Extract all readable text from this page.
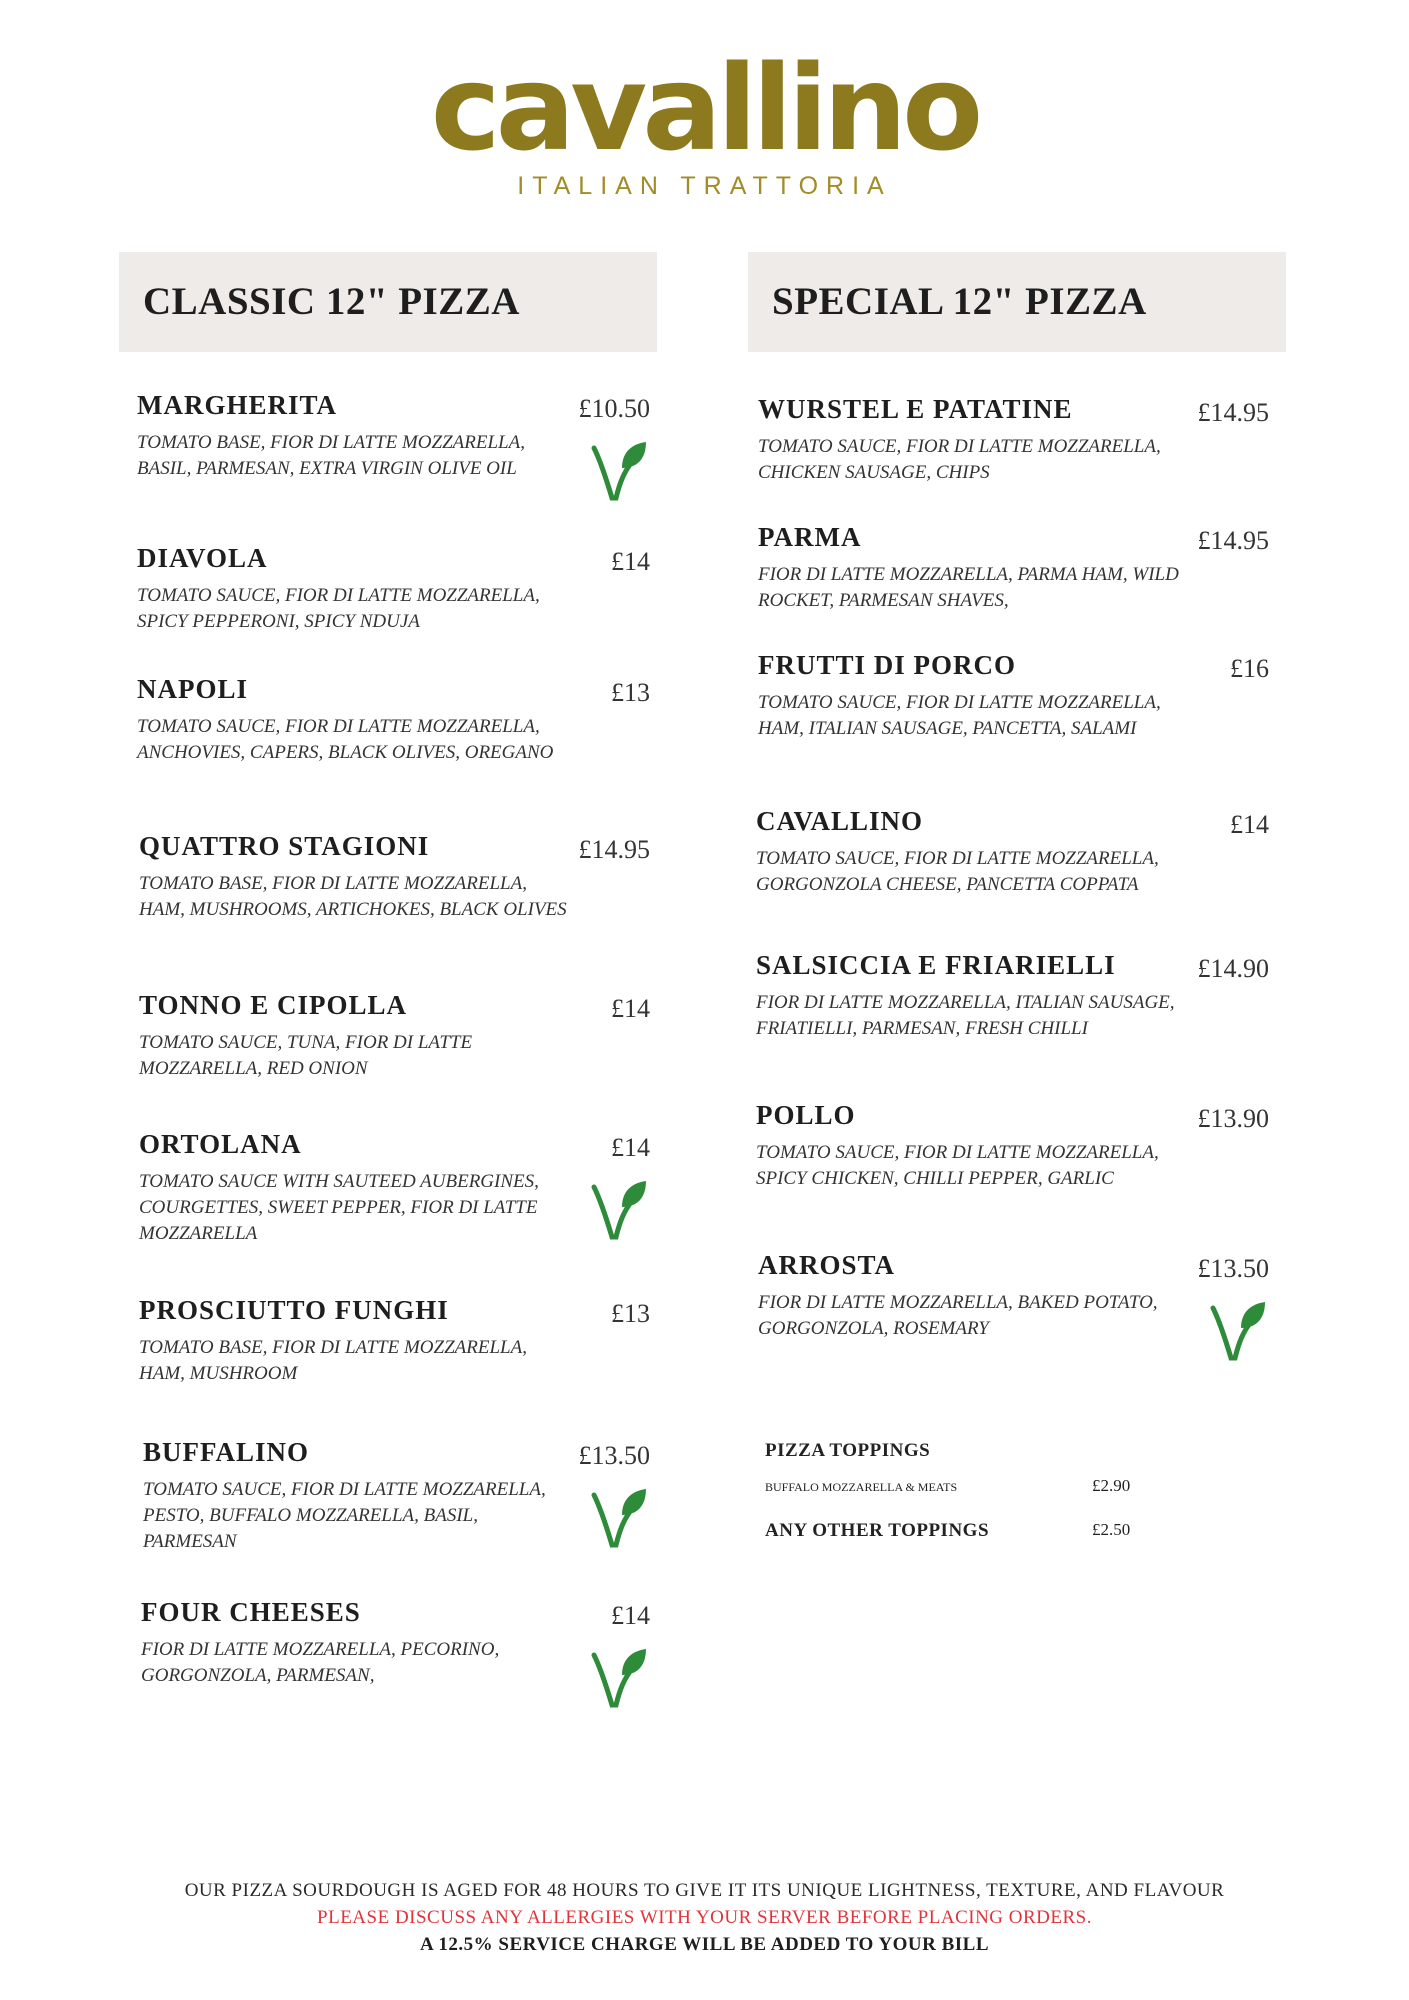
cavallino
ITALIAN TRATTORIA
CLASSIC 12" PIZZA	SPECIAL 12" PIZZA
MARGHERITA
TOMATO BASE, FIOR DI LATTE MOZZARELLA, BASIL, PARMESAN, EXTRA VIRGIN OLIVE OIL
£10.50
DIAVOLA
TOMATO SAUCE, FIOR DI LATTE MOZZARELLA, SPICY PEPPERONI, SPICY NDUJA
£14
NAPOLI
TOMATO SAUCE, FIOR DI LATTE MOZZARELLA, ANCHOVIES, CAPERS, BLACK OLIVES, OREGANO
£13
QUATTRO STAGIONI
TOMATO BASE, FIOR DI LATTE MOZZARELLA, HAM, MUSHROOMS, ARTICHOKES, BLACK OLIVES
£14.95
TONNO E CIPOLLA
TOMATO SAUCE, TUNA, FIOR DI LATTE MOZZARELLA, RED ONION
£14
ORTOLANA
TOMATO SAUCE WITH SAUTEED AUBERGINES, COURGETTES, SWEET PEPPER, FIOR DI LATTE MOZZARELLA
£14
PROSCIUTTO FUNGHI
TOMATO BASE, FIOR DI LATTE MOZZARELLA, HAM, MUSHROOM
£13
BUFFALINO
TOMATO SAUCE, FIOR DI LATTE MOZZARELLA, PESTO, BUFFALO MOZZARELLA, BASIL, PARMESAN
£13.50
FOUR CHEESES
FIOR DI LATTE MOZZARELLA, PECORINO, GORGONZOLA, PARMESAN,
£14
WURSTEL E PATATINE
TOMATO SAUCE, FIOR DI LATTE MOZZARELLA, CHICKEN SAUSAGE, CHIPS
£14.95
PARMA
FIOR DI LATTE MOZZARELLA, PARMA HAM, WILD ROCKET, PARMESAN SHAVES,
£14.95
FRUTTI DI PORCO
TOMATO SAUCE, FIOR DI LATTE MOZZARELLA, HAM, ITALIAN SAUSAGE, PANCETTA, SALAMI
£16
CAVALLINO
TOMATO SAUCE, FIOR DI LATTE MOZZARELLA, GORGONZOLA CHEESE, PANCETTA COPPATA
£14
SALSICCIA E FRIARIELLI
FIOR DI LATTE MOZZARELLA, ITALIAN SAUSAGE, FRIATIELLI, PARMESAN, FRESH CHILLI
£14.90
POLLO
TOMATO SAUCE, FIOR DI LATTE MOZZARELLA, SPICY CHICKEN, CHILLI PEPPER, GARLIC
£13.90
ARROSTA
FIOR DI LATTE MOZZARELLA, BAKED POTATO, GORGONZOLA, ROSEMARY
£13.50
PIZZA TOPPINGS
BUFFALO MOZZARELLA & MEATS	£2.90
ANY OTHER TOPPINGS	£2.50
OUR PIZZA SOURDOUGH IS AGED FOR 48 HOURS TO GIVE IT ITS UNIQUE LIGHTNESS, TEXTURE, AND FLAVOUR
PLEASE DISCUSS ANY ALLERGIES WITH YOUR SERVER BEFORE PLACING ORDERS.
A 12.5% SERVICE CHARGE WILL BE ADDED TO YOUR BILL
